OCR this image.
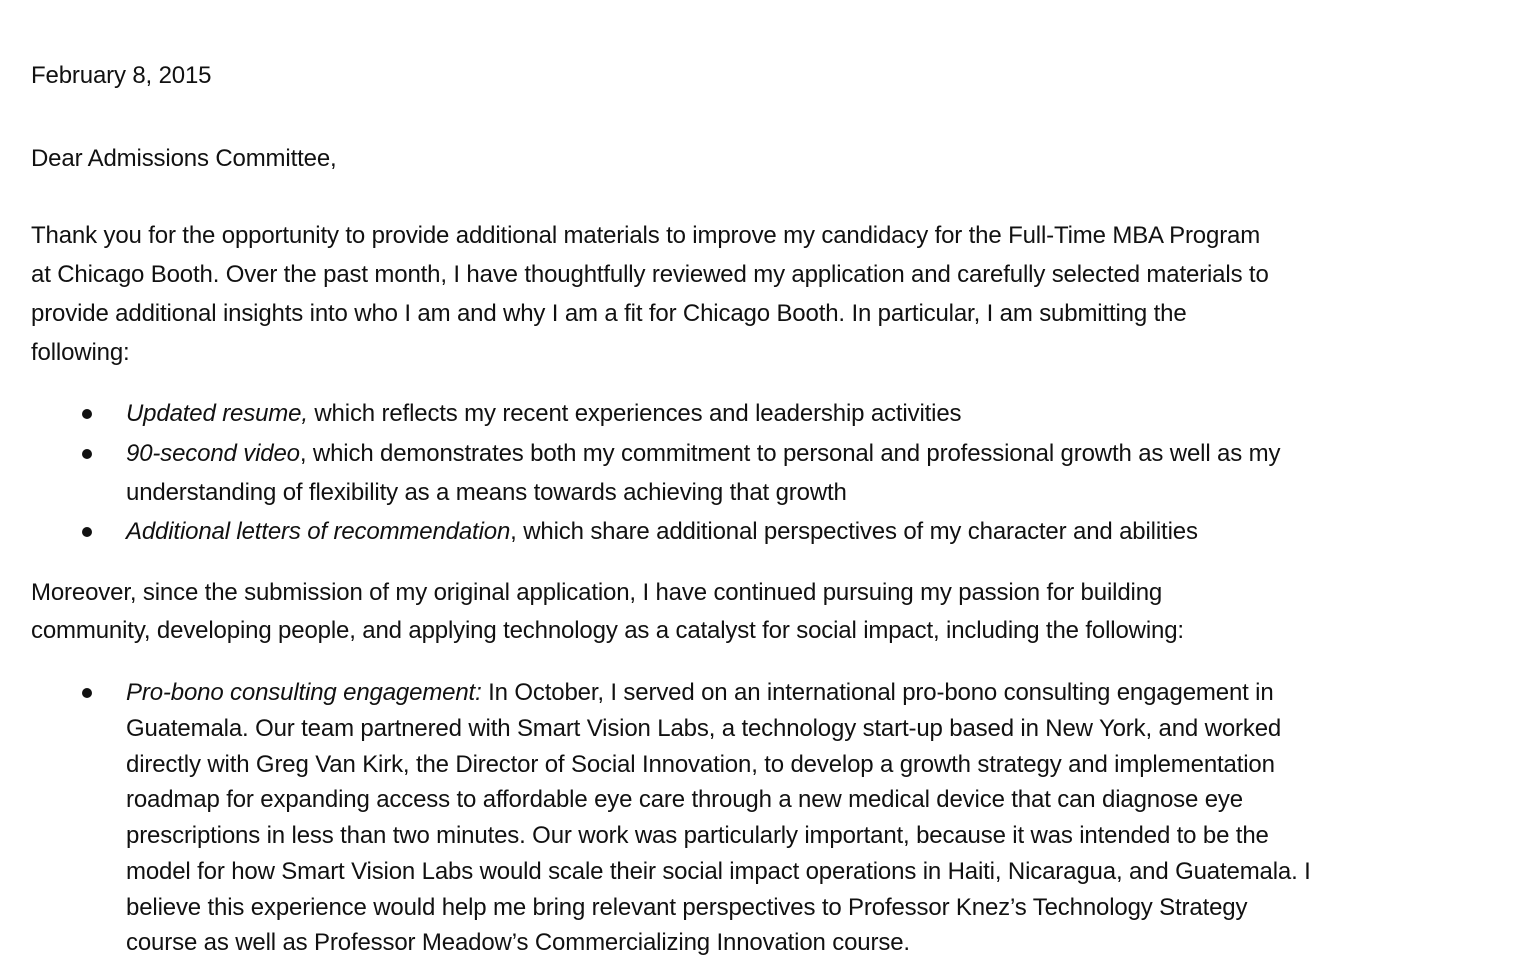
February 8, 2015
Dear Admissions Committee,
Thank you for the opportunity to provide additional materials to improve my candidacy for the Full-Time MBA Program
at Chicago Booth. Over the past month, I have thoughtfully reviewed my application and carefully selected materials to
provide additional insights into who I am and why I am a fit for Chicago Booth. In particular, I am submitting the
following:
Updated resume, which reflects my recent experiences and leadership activities
90-second video, which demonstrates both my commitment to personal and professional growth as well as my
understanding of flexibility as a means towards achieving that growth
Additional letters of recommendation, which share additional perspectives of my character and abilities
Moreover, since the submission of my original application, I have continued pursuing my passion for building
community, developing people, and applying technology as a catalyst for social impact, including the following:
Pro-bono consulting engagement: In October, I served on an international pro-bono consulting engagement in
Guatemala. Our team partnered with Smart Vision Labs, a technology start-up based in New York, and worked
directly with Greg Van Kirk, the Director of Social Innovation, to develop a growth strategy and implementation
roadmap for expanding access to affordable eye care through a new medical device that can diagnose eye
prescriptions in less than two minutes. Our work was particularly important, because it was intended to be the
model for how Smart Vision Labs would scale their social impact operations in Haiti, Nicaragua, and Guatemala. I
believe this experience would help me bring relevant perspectives to Professor Knez’s Technology Strategy
course as well as Professor Meadow’s Commercializing Innovation course.
